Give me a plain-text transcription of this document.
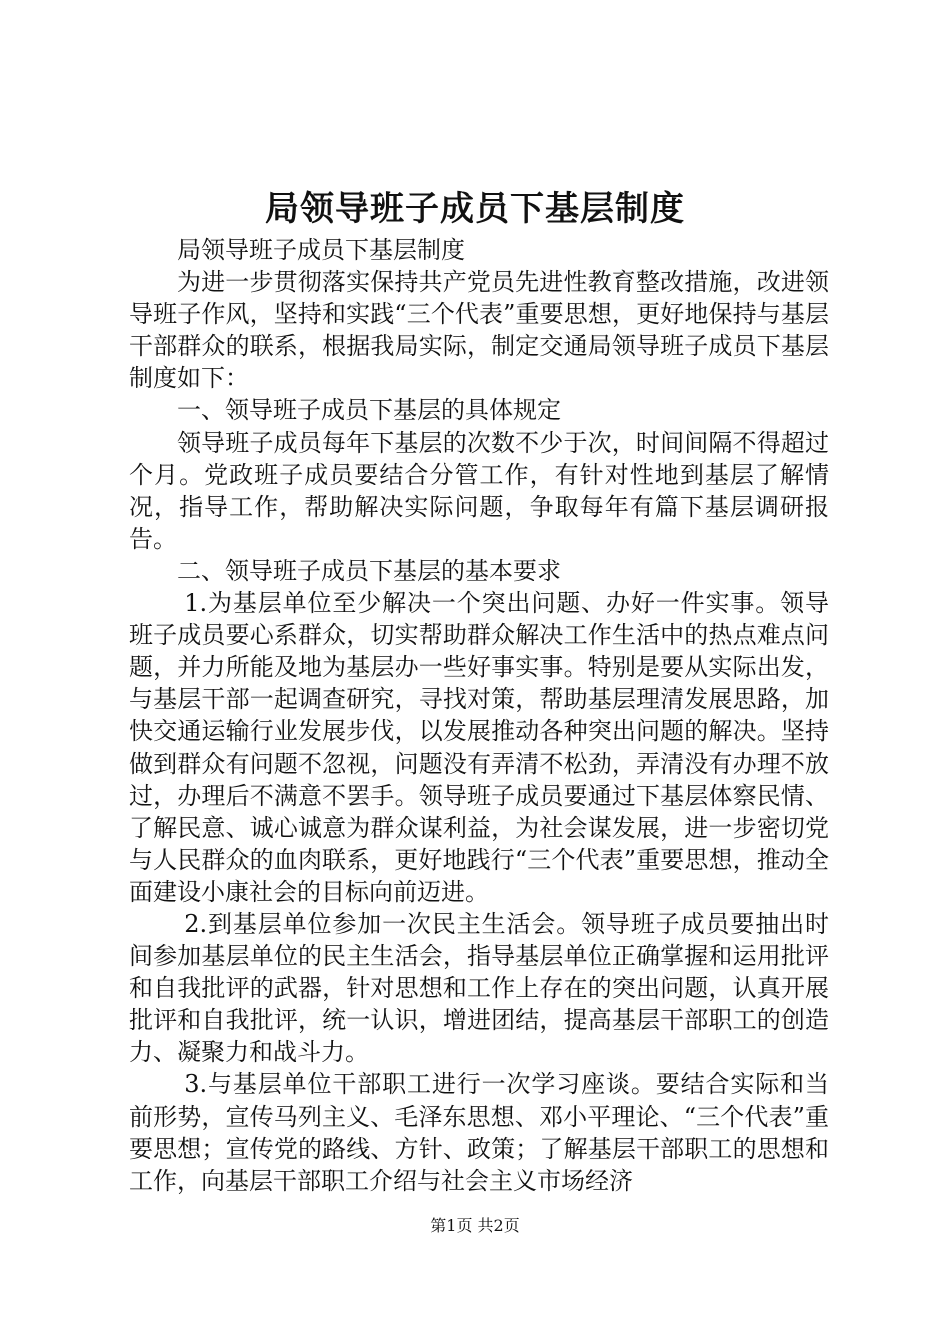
局领导班子成员下基层制度

局领导班子成员下基层制度

为进一步贯彻落实保持共产党员先进性教育整改措施，改进领导班子作风，坚持和实践“三个代表”重要思想，更好地保持与基层干部群众的联系，根据我局实际，制定交通局领导班子成员下基层制度如下：

一、领导班子成员下基层的具体规定

领导班子成员每年下基层的次数不少于次，时间间隔不得超过个月。党政班子成员要结合分管工作，有针对性地到基层了解情况，指导工作，帮助解决实际问题，争取每年有篇下基层调研报告。

二、领导班子成员下基层的基本要求

1.为基层单位至少解决一个突出问题、办好一件实事。领导班子成员要心系群众，切实帮助群众解决工作生活中的热点难点问题，并力所能及地为基层办一些好事实事。特别是要从实际出发，与基层干部一起调查研究，寻找对策，帮助基层理清发展思路，加快交通运输行业发展步伐，以发展推动各种突出问题的解决。坚持做到群众有问题不忽视，问题没有弄清不松劲，弄清没有办理不放过，办理后不满意不罢手。领导班子成员要通过下基层体察民情、了解民意、诚心诚意为群众谋利益，为社会谋发展，进一步密切党与人民群众的血肉联系，更好地践行“三个代表”重要思想，推动全面建设小康社会的目标向前迈进。

2.到基层单位参加一次民主生活会。领导班子成员要抽出时间参加基层单位的民主生活会，指导基层单位正确掌握和运用批评和自我批评的武器，针对思想和工作上存在的突出问题，认真开展批评和自我批评，统一认识，增进团结，提高基层干部职工的创造力、凝聚力和战斗力。

3.与基层单位干部职工进行一次学习座谈。要结合实际和当前形势，宣传马列主义、毛泽东思想、邓小平理论、“三个代表”重要思想；宣传党的路线、方针、政策；了解基层干部职工的思想和工作，向基层干部职工介绍与社会主义市场经济

第1页 共2页
